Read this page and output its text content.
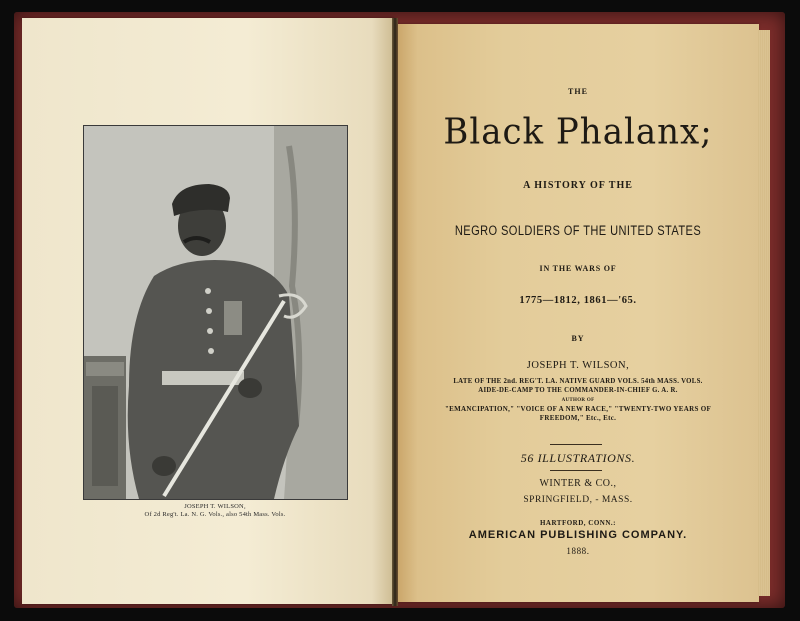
JOSEPH T. WILSON,
Of 2d Reg't. La. N. G. Vols., also 54th Mass. Vols.
THE
Black Phalanx;
A HISTORY OF THE
NEGRO SOLDIERS OF THE UNITED STATES
IN THE WARS OF
1775—1812, 1861—'65.
BY
JOSEPH T. WILSON,
LATE OF THE 2nd. REG'T. LA. NATIVE GUARD VOLS. 54th MASS. VOLS.
AIDE-DE-CAMP TO THE COMMANDER-IN-CHIEF G. A. R.
AUTHOR OF
"EMANCIPATION," "VOICE OF A NEW RACE," "TWENTY-TWO YEARS OF
FREEDOM," Etc., Etc.
56 ILLUSTRATIONS.
WINTER & CO.,
SPRINGFIELD, - MASS.
HARTFORD, CONN.:
AMERICAN PUBLISHING COMPANY.
1888.
